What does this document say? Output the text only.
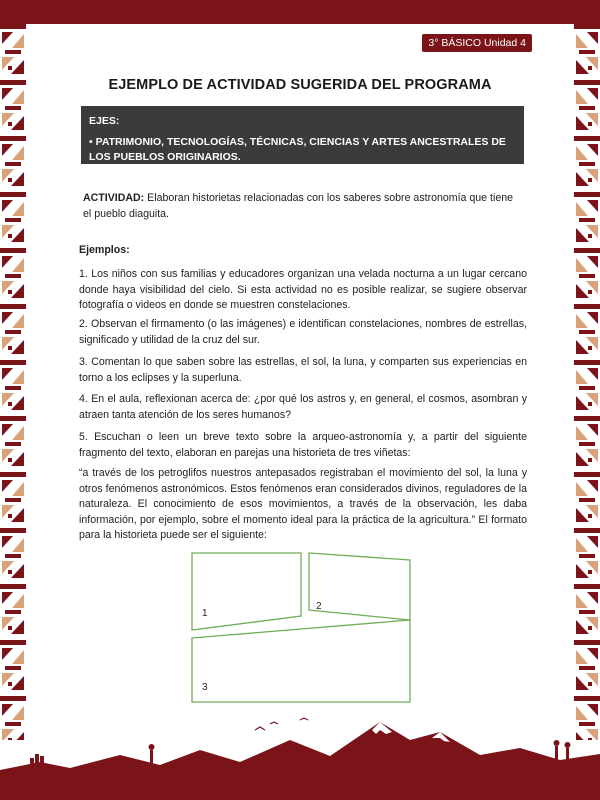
3° BÁSICO Unidad 4
EJEMPLO DE ACTIVIDAD SUGERIDA DEL PROGRAMA
EJES:
• PATRIMONIO, TECNOLOGÍAS, TÉCNICAS, CIENCIAS Y ARTES ANCESTRALES DE LOS PUEBLOS ORIGINARIOS.
ACTIVIDAD: Elaboran historietas relacionadas con los saberes sobre astronomía que tiene el pueblo diaguita.
Ejemplos:
1. Los niños con sus familias y educadores organizan una velada nocturna a un lugar cercano donde haya visibilidad del cielo. Si esta actividad no es posible realizar, se sugiere observar fotografía o videos en donde se muestren constelaciones.
2. Observan el firmamento (o las imágenes) e identifican constelaciones, nombres de estrellas, significado y utilidad de la cruz del sur.
3. Comentan lo que saben sobre las estrellas, el sol, la luna, y comparten sus experiencias en torno a los eclipses y la superluna.
4. En el aula, reflexionan acerca de: ¿por qué los astros y, en general, el cosmos, asombran y atraen tanta atención de los seres humanos?
5. Escuchan o leen un breve texto sobre la arqueo-astronomía y, a partir del siguiente fragmento del texto, elaboran en parejas una historieta de tres viñetas:
“a través de los petroglifos nuestros antepasados registraban el movimiento del sol, la luna y otros fenómenos astronómicos. Estos fenómenos eran considerados divinos, reguladores de la naturaleza. El conocimiento de esos movimientos, a través de la observación, les daba información, por ejemplo, sobre el momento ideal para la práctica de la agricultura.” El formato para la historieta puede ser el siguiente:
1
2
3
